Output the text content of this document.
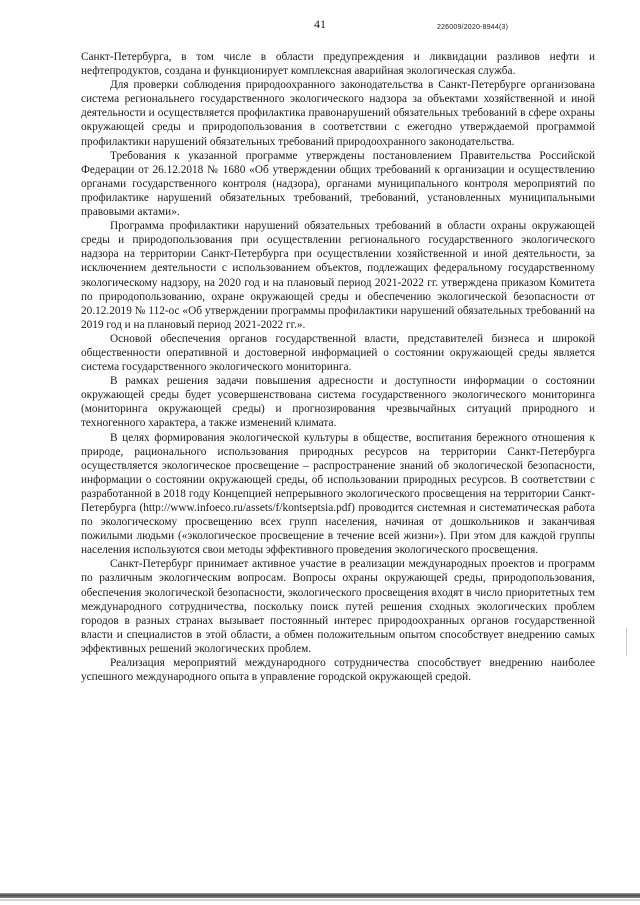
41	226009/2020-8944(3)

Санкт-Петербурга, в том числе в области предупреждения и ликвидации разливов нефти и нефтепродуктов, создана и функционирует комплексная аварийная экологическая служба.

Для проверки соблюдения природоохранного законодательства в Санкт-Петербурге организована система региональнего государственного экологического надзора за объектами хозяйственной и иной деятельности и осуществляется профилактика правонарушений обязательных требований в сфере охраны окружающей среды и природопользования в соответствии с ежегодно утверждаемой программой профилактики нарушений обязательных требований природоохранного законодательства.

Требования к указанной программе утверждены постановлением Правительства Российской Федерации от 26.12.2018 № 1680 «Об утверждении общих требований к организации и осуществлению органами государственного контроля (надзора), органами муниципального контроля мероприятий по профилактике нарушений обязательных требований, требований, установленных муниципальными правовыми актами».

Программа профилактики нарушений обязательных требований в области охраны окружающей среды и природопользования при осуществлении регионального государственного экологического надзора на территории Санкт-Петербурга при осуществлении хозяйственной и иной деятельности, за исключением деятельности с использованием объектов, подлежащих федеральному государственному экологическому надзору, на 2020 год и на плановый период 2021-2022 гг. утверждена приказом Комитета по природопользованию, охране окружающей среды и обеспечению экологической безопасности от 20.12.2019 № 112-ос «Об утверждении программы профилактики нарушений обязательных требований на 2019 год и на плановый период 2021-2022 гг.».

Основой обеспечения органов государственной власти, представителей бизнеса и широкой общественности оперативной и достоверной информацией о состоянии окружающей среды является система государственного экологического мониторинга.

В рамках решения задачи повышения адресности и доступности информации о состоянии окружающей среды будет усовершенствована система государственного экологического мониторинга (мониторинга окружающей среды) и прогнозирования чрезвычайных ситуаций природного и техногенного характера, а также изменений климата.

В целях формирования экологической культуры в обществе, воспитания бережного отношения к природе, рационального использования природных ресурсов на территории Санкт-Петербурга осуществляется экологическое просвещение – распространение знаний об экологической безопасности, информации о состоянии окружающей среды, об использовании природных ресурсов. В соответствии с разработанной в 2018 году Концепцией непрерывного экологического просвещения на территории Санкт-Петербурга (http://www.infoeco.ru/assets/f/kontseptsia.pdf) проводится системная и систематическая работа по экологическому просвещению всех групп населения, начиная от дошкольников и заканчивая пожилыми людьми («экологическое просвещение в течение всей жизни»). При этом для каждой группы населения используются свои методы эффективного проведения экологического просвещения.

Санкт-Петербург принимает активное участие в реализации международных проектов и программ по различным экологическим вопросам. Вопросы охраны окружающей среды, природопользования, обеспечения экологической безопасности, экологического просвещения входят в число приоритетных тем международного сотрудничества, поскольку поиск путей решения сходных экологических проблем городов в разных странах вызывает постоянный интерес природоохранных органов государственной власти и специалистов в этой области, а обмен положительным опытом способствует внедрению самых эффективных решений экологических проблем.

Реализация мероприятий международного сотрудничества способствует внедрению наиболее успешного международного опыта в управление городской окружающей средой.
